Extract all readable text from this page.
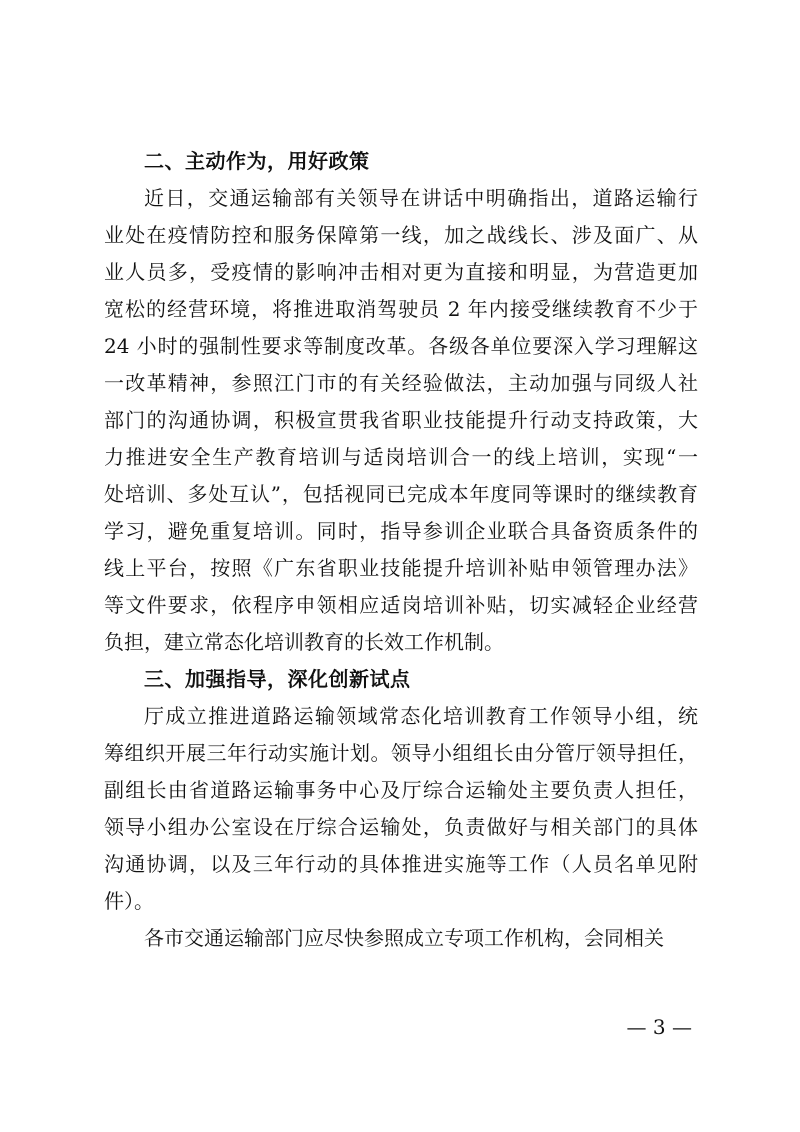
二、主动作为，用好政策
近日，交通运输部有关领导在讲话中明确指出，道路运输行
业处在疫情防控和服务保障第一线，加之战线长、涉及面广、从
业人员多，受疫情的影响冲击相对更为直接和明显，为营造更加
宽松的经营环境，将推进取消驾驶员 2 年内接受继续教育不少于
24 小时的强制性要求等制度改革。各级各单位要深入学习理解这
一改革精神，参照江门市的有关经验做法，主动加强与同级人社
部门的沟通协调，积极宣贯我省职业技能提升行动支持政策，大
力推进安全生产教育培训与适岗培训合一的线上培训，实现“一
处培训、多处互认”，包括视同已完成本年度同等课时的继续教育
学习，避免重复培训。同时，指导参训企业联合具备资质条件的
线上平台，按照《广东省职业技能提升培训补贴申领管理办法》
等文件要求，依程序申领相应适岗培训补贴，切实减轻企业经营
负担，建立常态化培训教育的长效工作机制。
三、加强指导，深化创新试点
厅成立推进道路运输领域常态化培训教育工作领导小组，统
筹组织开展三年行动实施计划。领导小组组长由分管厅领导担任，
副组长由省道路运输事务中心及厅综合运输处主要负责人担任，
领导小组办公室设在厅综合运输处，负责做好与相关部门的具体
沟通协调，以及三年行动的具体推进实施等工作（人员名单见附
件）。
各市交通运输部门应尽快参照成立专项工作机构，会同相关
— 3 —
